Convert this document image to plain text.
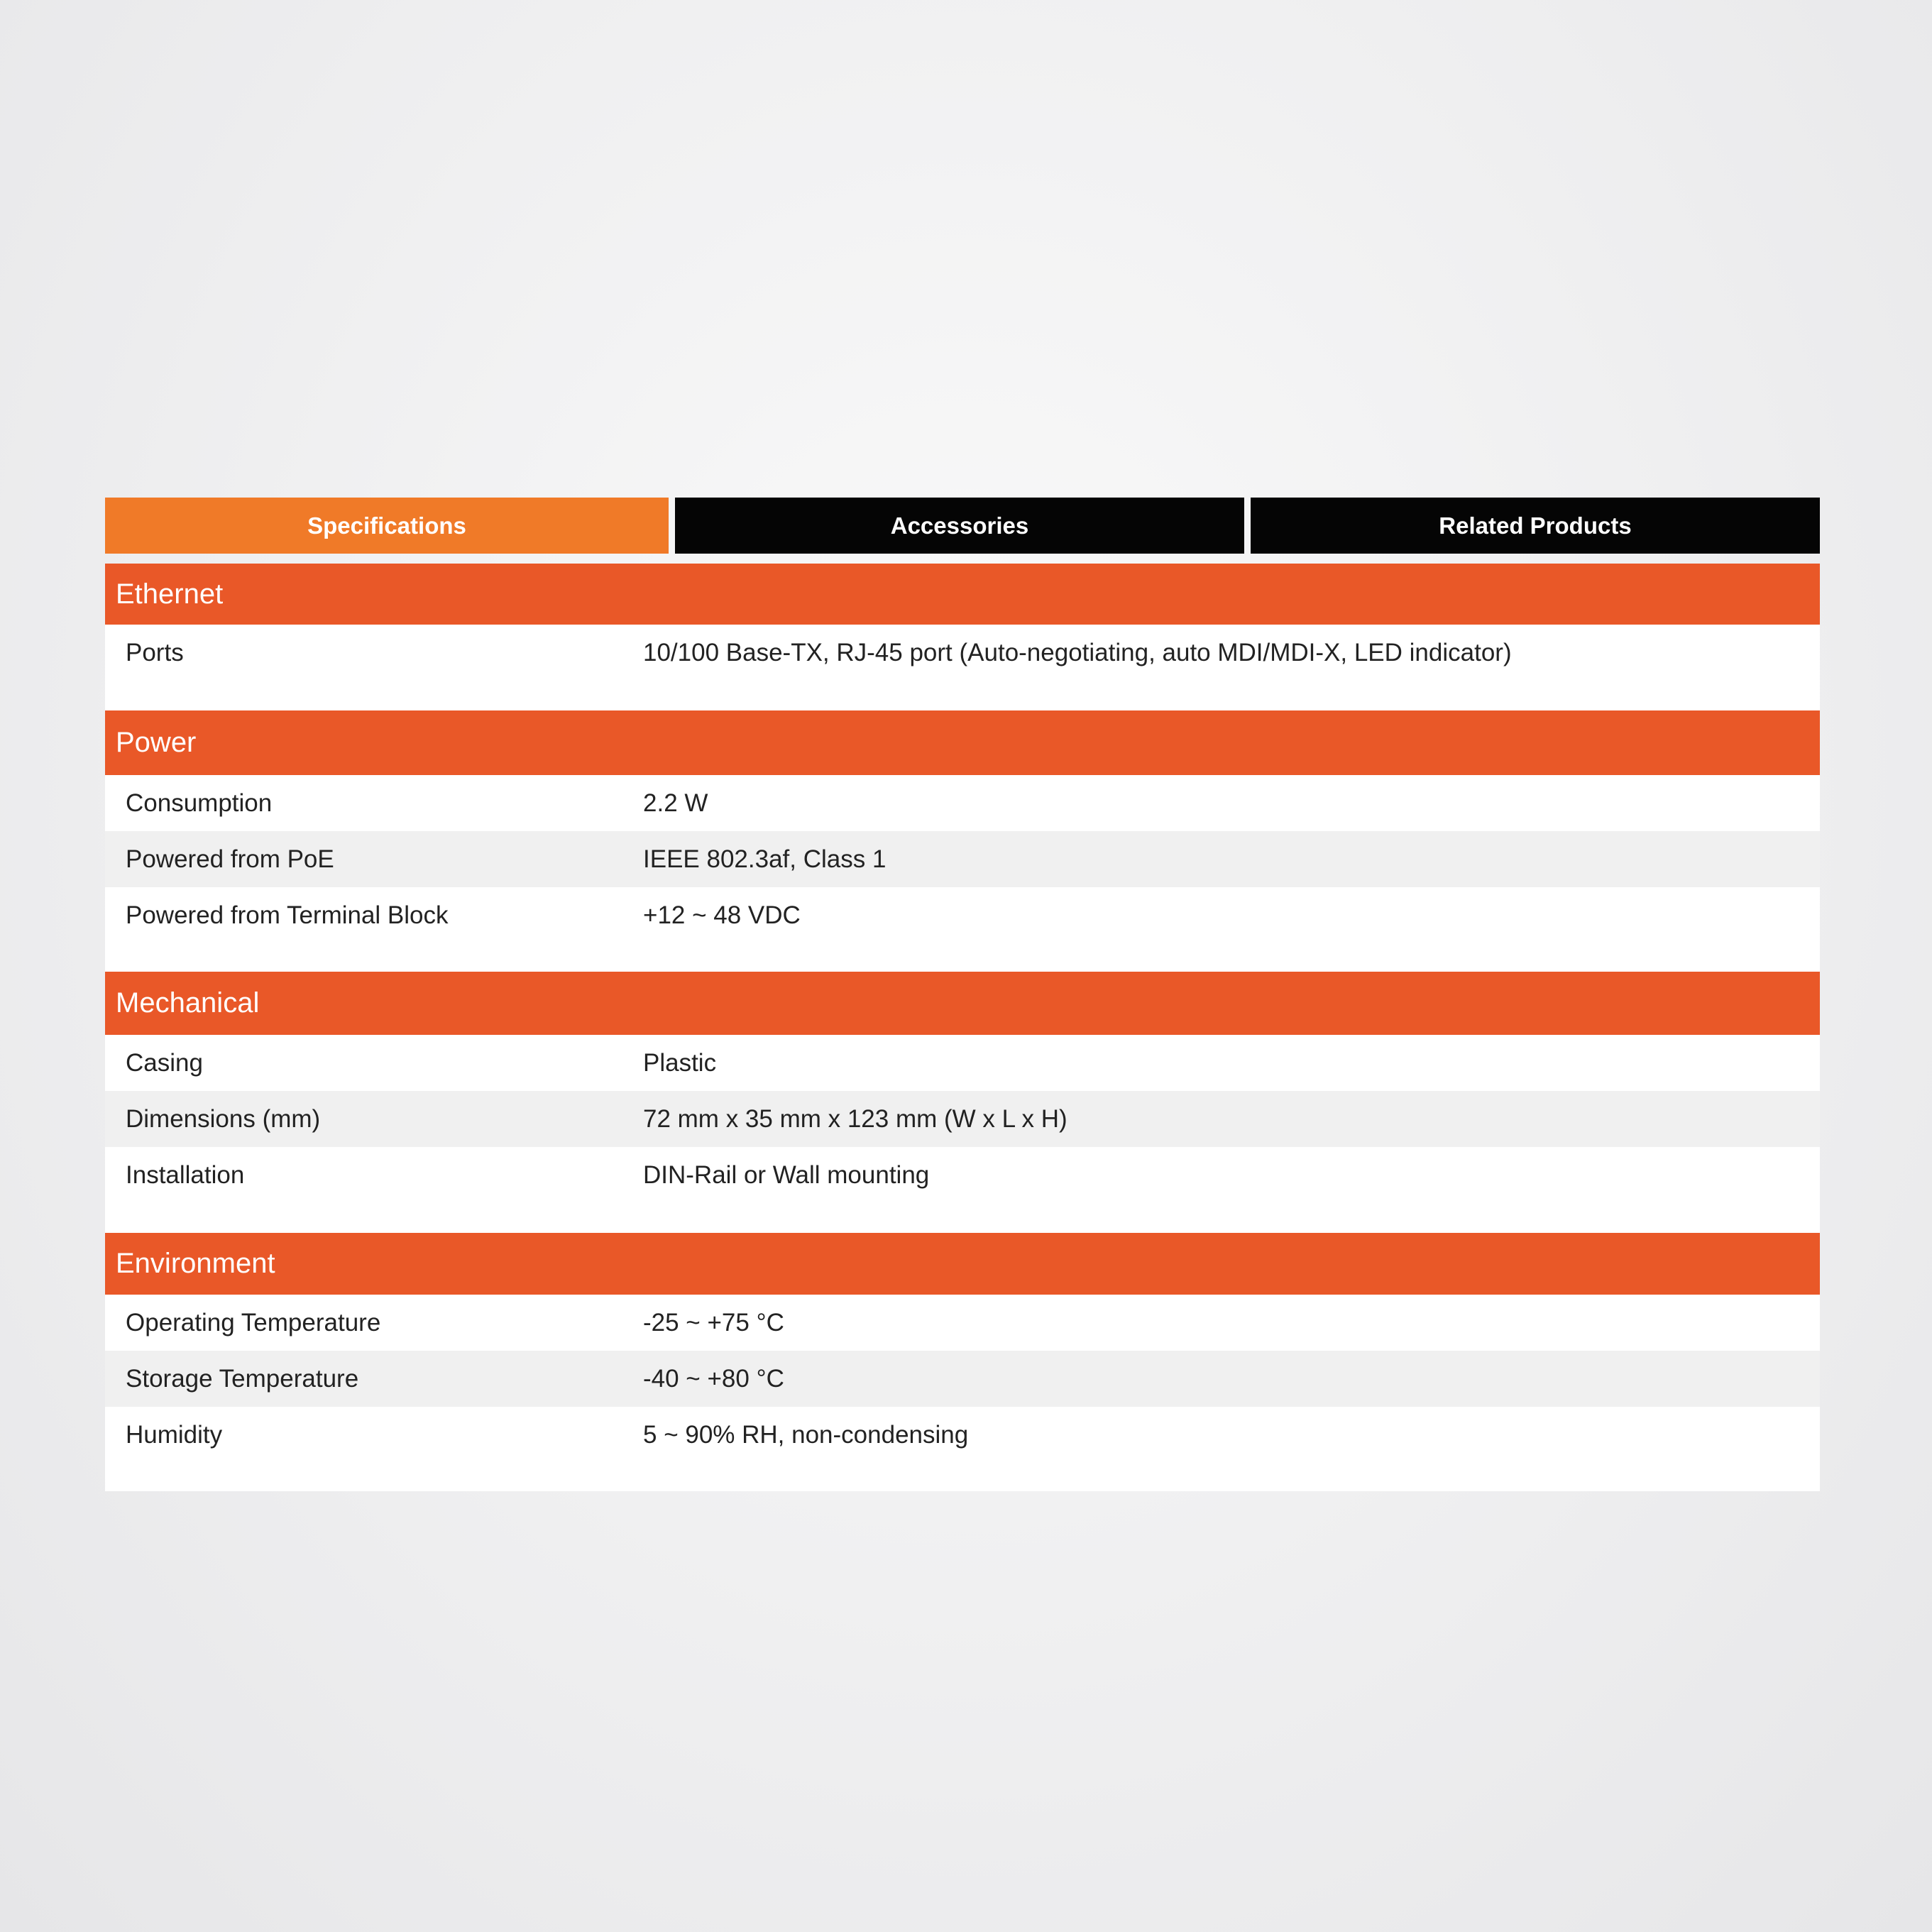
Specifications	Accessories	Related Products
Ethernet
Ports	10/100 Base-TX, RJ-45 port (Auto-negotiating, auto MDI/MDI-X, LED indicator)
Power
Consumption	2.2 W
Powered from PoE	IEEE 802.3af, Class 1
Powered from Terminal Block	+12 ~ 48 VDC
Mechanical
Casing	Plastic
Dimensions (mm)	72 mm x 35 mm x 123 mm (W x L x H)
Installation	DIN-Rail or Wall mounting
Environment
Operating Temperature	-25 ~ +75 °C
Storage Temperature	-40 ~ +80 °C
Humidity	5 ~ 90% RH, non-condensing
